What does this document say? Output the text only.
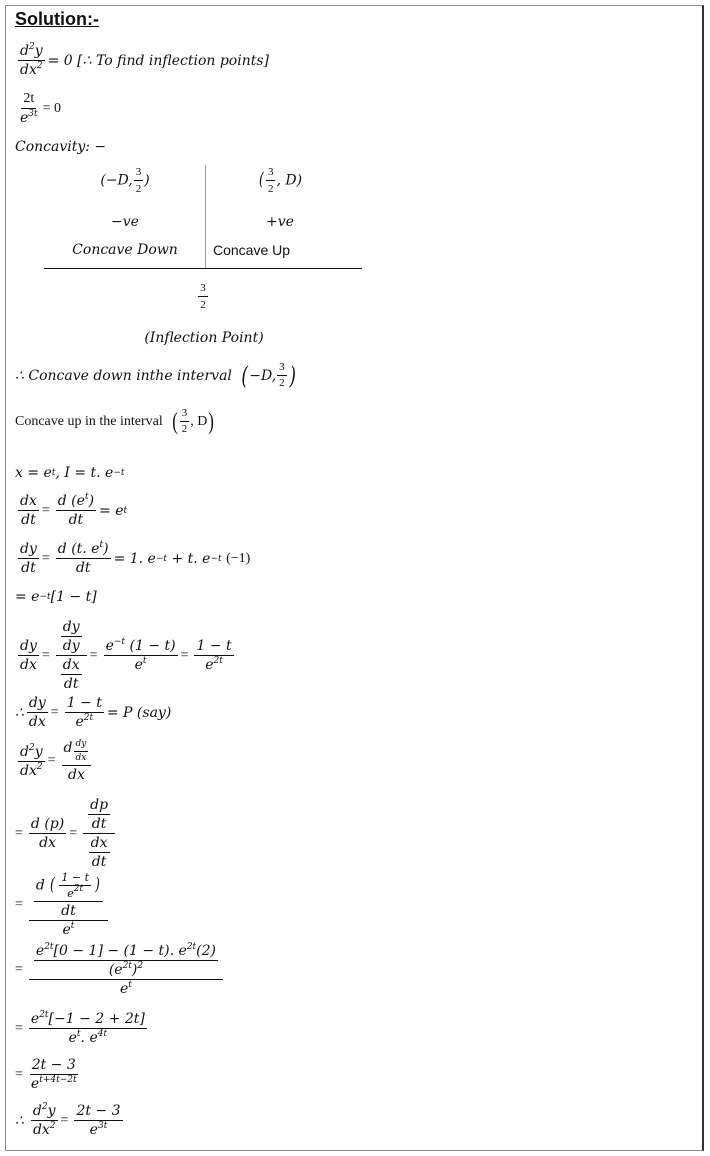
Solution:-
$\frac{d^2y}{dx^2} = 0$ [∴ To find inflection points]
$\frac{2t}{e^{3t}} = 0$
Concavity: −
(−D, $\frac{3}{2}$ )
−ve
Concave Down
( $\frac{3}{2}$ , D)
+ve
Concave Up
$\frac{3}{2}$
(Inflection Point)
∴ Concave down inthe interval ( −D, $\frac{3}{2}$ )
Concave up in the interval ( $\frac{3}{2}$ , D )
x = e t , I = t. e −t
$\frac{dx}{dt} = \frac{d (e^t)}{dt} = e$ t
$\frac{dy}{dt} = \frac{d (t. e^t)}{dt} = 1$. e −t
+ t. e −t
(−1)
= e −t [1 − t]
$\frac{dy}{dx} = \frac{\frac{dy}{dy}}{\frac{dx}{dt}} = \frac{e^{-t} (1 - t)}{e^t} = \frac{1 - t}{e^{2t}}$
∴ $\frac{dy}{dx} = \frac{1 - t}{e^{2t}} = P$ (say)
$\frac{d^2y}{dx^2} = \frac{d \frac{dy}{dx}}{dx}$
= $\frac{d (p)}{dx} = \frac{\frac{dp}{dt}}{\frac{dx}{dt}}$
= $\frac{\frac{d ( \frac{1 - t}{e^{2t}} )}{dt}}{e^t}$
= $\frac{\frac{e^{2t}[0 - 1] - (1 - t). e^{2t}(2)}{(e^{2t})^2}}{e^t}$
= $\frac{e^{2t}[-1 - 2 + 2t]}{e^t. e^{4t}}$
= $\frac{2t - 3}{e^{t+4t-2t}}$
∴ $\frac{d^2y}{dx^2} = \frac{2t - 3}{e^{3t}}$
